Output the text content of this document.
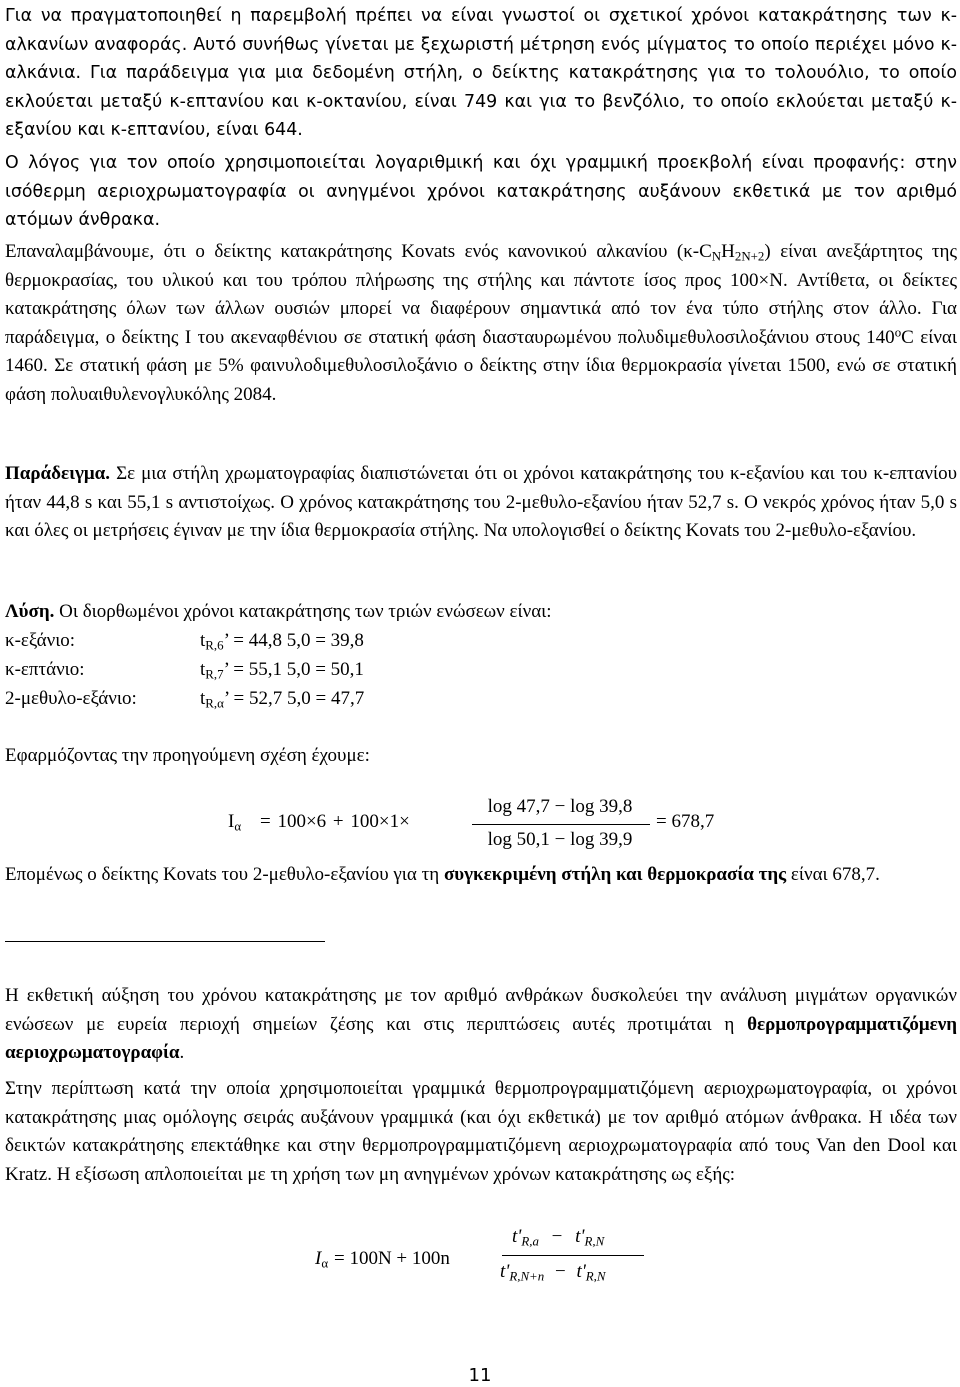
Για να πραγματοποιηθεί η παρεμβολή πρέπει να είναι γνωστοί οι σχετικοί χρόνοι κατακράτησης των κ-αλκανίων αναφοράς. Αυτό συνήθως γίνεται με ξεχωριστή μέτρηση ενός μίγματος το οποίο περιέχει μόνο κ-αλκάνια. Για παράδειγμα για μια δεδομένη στήλη, ο δείκτης κατακράτησης για το τολουόλιο, το οποίο εκλούεται μεταξύ κ-επτανίου και κ-οκτανίου, είναι 749 και για το βενζόλιο, το οποίο εκλούεται μεταξύ κ-εξανίου και κ-επτανίου, είναι 644.

Ο λόγος για τον οποίο χρησιμοποιείται λογαριθμική και όχι γραμμική προεκβολή είναι προφανής: στην ισόθερμη αεριοχρωματογραφία οι ανηγμένοι χρόνοι κατακράτησης αυξάνουν εκθετικά με τον αριθμό ατόμων άνθρακα.

Επαναλαμβάνουμε, ότι ο δείκτης κατακράτησης Kovats ενός κανονικού αλκανίου $(\kappa-C_NH_{2N+2})$ είναι ανεξάρτητος της θερμοκρασίας, του υλικού και του τρόπου πλήρωσης της στήλης και πάντοτε ίσος προς 100×N. Αντίθετα, οι δείκτες κατακράτησης όλων των άλλων ουσιών μπορεί να διαφέρουν σημαντικά από τον ένα τύπο στήλης στον άλλο. Για παράδειγμα, ο δείκτης Ι του ακεναφθένιου σε στατική φάση διασταυρωμένου πολυδιμεθυλοσιλοξάνιου στους $140^oC$ είναι 1460. Σε στατική φάση με 5% φαινυλοδιμεθυλοσιλοξάνιο ο δείκτης στην ίδια θερμοκρασία γίνεται 1500, ενώ σε στατική φάση πολυαιθυλενογλυκόλης 2084.

Παράδειγμα. Σε μια στήλη χρωματογραφίας διαπιστώνεται ότι οι χρόνοι κατακράτησης του κ-εξανίου και του κ-επτανίου ήταν 44,8 s και 55,1 s αντιστοίχως. Ο χρόνος κατακράτησης του 2-μεθυλο-εξανίου ήταν 52,7 s. Ο νεκρός χρόνος ήταν 5,0 s και όλες οι μετρήσεις έγιναν με την ίδια θερμοκρασία στήλης. Να υπολογισθεί ο δείκτης Kovats του 2-μεθυλο-εξανίου.

Λύση. Οι διορθωμένοι χρόνοι κατακράτησης των τριών ενώσεων είναι:

κ-εξάνιο:	$t_{R,6}$’ = 44,8 5,0 = 39,8
κ-επτάνιο:	$t_{R,7}$’ = 55,1 5,0 = 50,1
2-μεθυλο-εξάνιο:	$t_{R,\alpha}$’ = 52,7 5,0 = 47,7

Εφαρμόζοντας την προηγούμενη σχέση έχουμε:

$I_\alpha = 100\times 6 + 100\times 1\times$
log 47,7 − log 39,8
log 50,1 − log 39,9
= 678,7

Επομένως ο δείκτης Kovats του 2-μεθυλο-εξανίου για τη συγκεκριμένη στήλη και θερμοκρασία της είναι 678,7.

Η εκθετική αύξηση του χρόνου κατακράτησης με τον αριθμό ανθράκων δυσκολεύει την ανάλυση μιγμάτων οργανικών ενώσεων με ευρεία περιοχή σημείων ζέσης και στις περιπτώσεις αυτές προτιμάται η θερμοπρογραμματιζόμενη αεριοχρωματογραφία.

Στην περίπτωση κατά την οποία χρησιμοποιείται γραμμικά θερμοπρογραμματιζόμενη αεριοχρωματογραφία, οι χρόνοι κατακράτησης μιας ομόλογης σειράς αυξάνουν γραμμικά (και όχι εκθετικά) με τον αριθμό ατόμων άνθρακα. Η ιδέα των δεικτών κατακράτησης επεκτάθηκε και στην θερμοπρογραμματιζόμενη αεριοχρωματογραφία από τους Van den Dool και Kratz. Η εξίσωση απλοποιείται με τη χρήση των μη ανηγμένων χρόνων κατακράτησης ως εξής:

$I_\alpha = 100N + 100n$
$t'_{R,a} - t'_{R,N}$
$t'_{R,N+n} - t'_{R,N}$
11
